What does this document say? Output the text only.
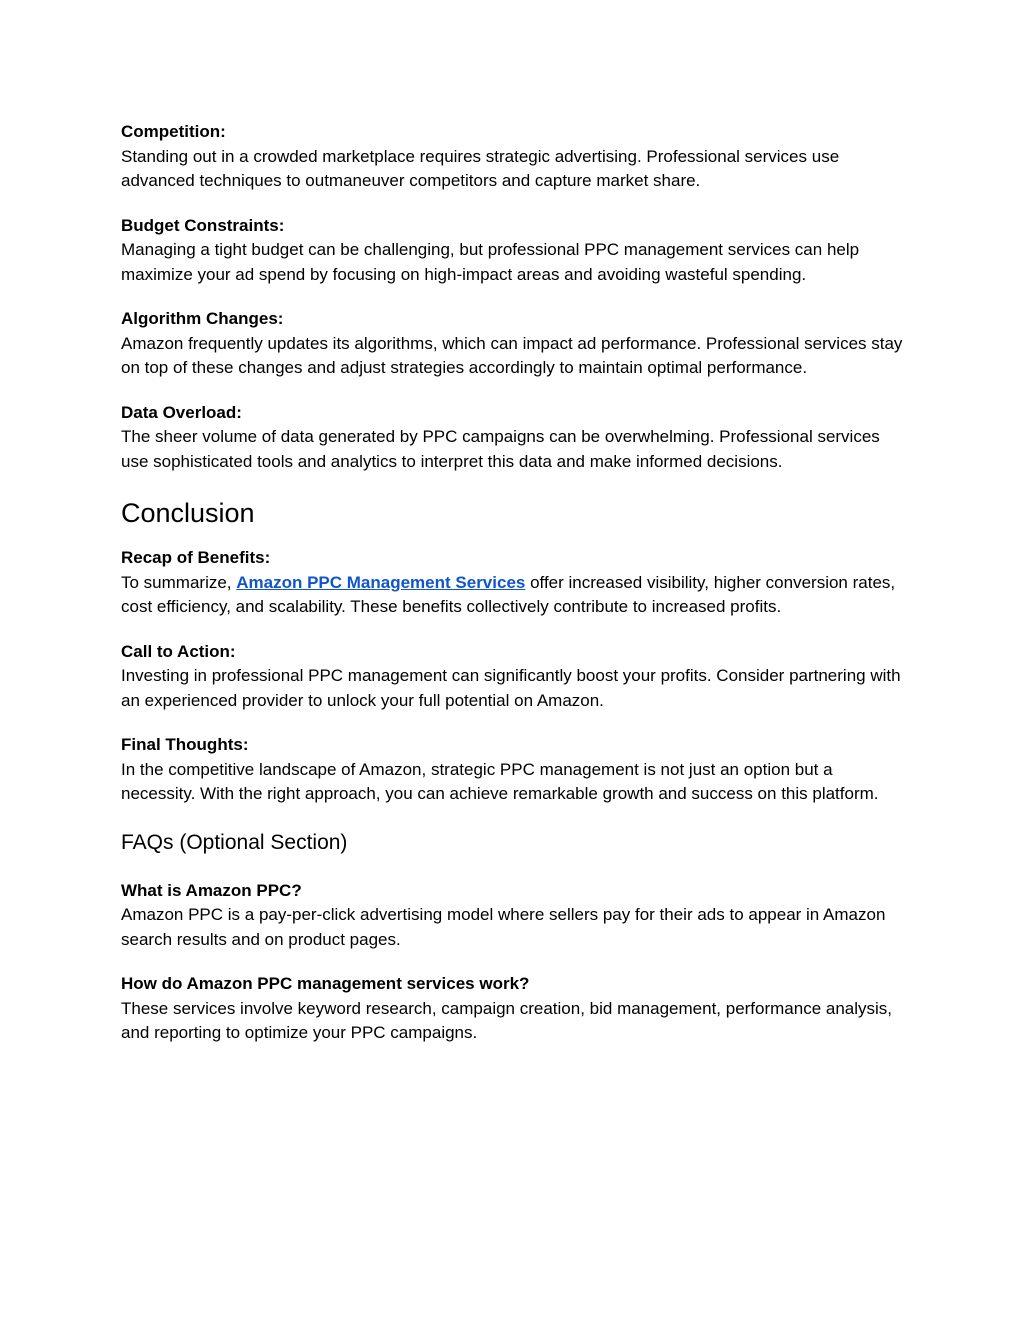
Competition:

Standing out in a crowded marketplace requires strategic advertising. Professional services use advanced techniques to outmaneuver competitors and capture market share.

Budget Constraints:

Managing a tight budget can be challenging, but professional PPC management services can help maximize your ad spend by focusing on high-impact areas and avoiding wasteful spending.

Algorithm Changes:

Amazon frequently updates its algorithms, which can impact ad performance. Professional services stay on top of these changes and adjust strategies accordingly to maintain optimal performance.

Data Overload:

The sheer volume of data generated by PPC campaigns can be overwhelming. Professional services use sophisticated tools and analytics to interpret this data and make informed decisions.

Conclusion

Recap of Benefits:

To summarize, Amazon PPC Management Services offer increased visibility, higher conversion rates, cost efficiency, and scalability. These benefits collectively contribute to increased profits.

Call to Action:

Investing in professional PPC management can significantly boost your profits. Consider partnering with an experienced provider to unlock your full potential on Amazon.

Final Thoughts:

In the competitive landscape of Amazon, strategic PPC management is not just an option but a necessity. With the right approach, you can achieve remarkable growth and success on this platform.

FAQs (Optional Section)

What is Amazon PPC?

Amazon PPC is a pay-per-click advertising model where sellers pay for their ads to appear in Amazon search results and on product pages.

How do Amazon PPC management services work?

These services involve keyword research, campaign creation, bid management, performance analysis, and reporting to optimize your PPC campaigns.
